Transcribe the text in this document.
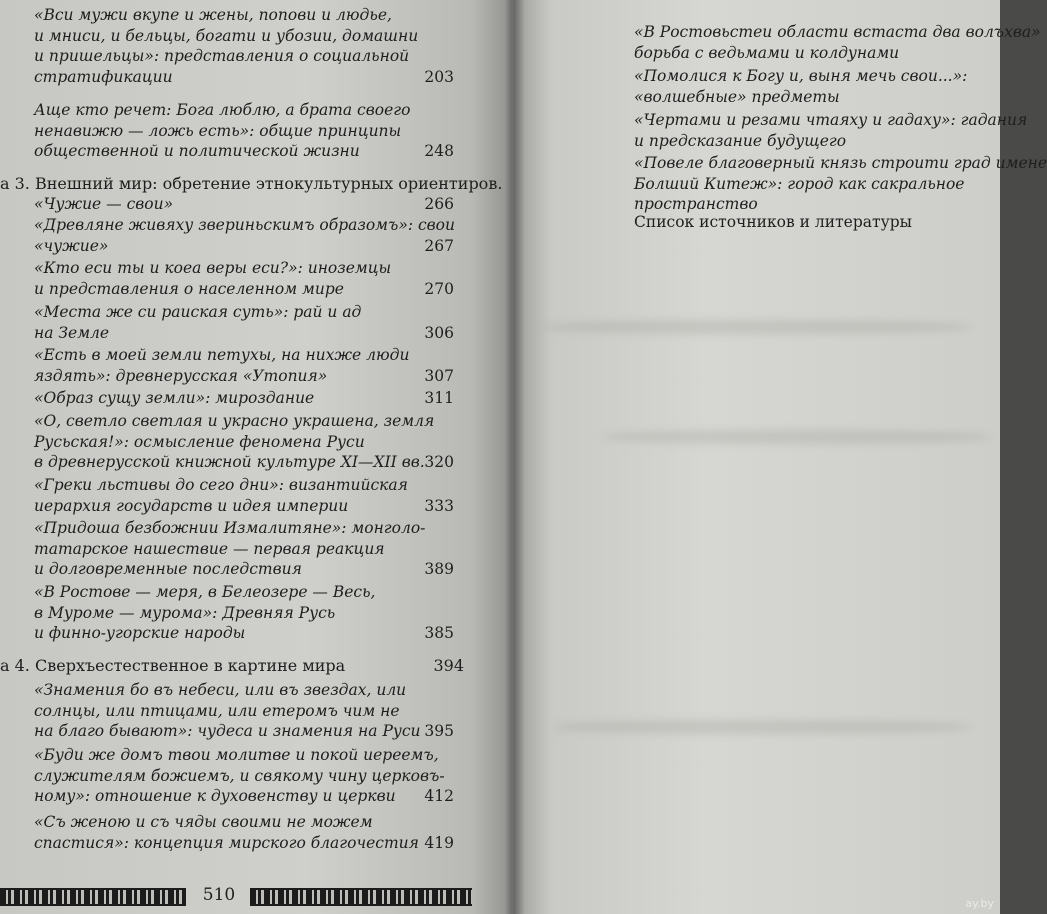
«Вси мужи вкупе и жены, попови и людье,
и мниси, и бельцы, богати и убозии, домашни
и пришельцы»: представления о социальной
стратификации	203
Аще кто речет: Бога люблю, а брата своего
ненавижю — ложь есть»: общие принципы
общественной и политической жизни	248
а 3. Внешний мир: обретение этнокультурных ориентиров.
«Чужие — свои»	266
«Древляне живяху звериньскимъ образомъ»: свои
«чужие»	267
«Кто еси ты и коеа веры еси?»: иноземцы
и представления о населенном мире	270
«Места же си раиская суть»: рай и ад
на Земле	306
«Есть в моей земли петухы, на нихже люди
яздять»: древнерусская «Утопия»	307
«Образ сущу земли»: мироздание	311
«О, светло светлая и украсно украшена, земля
Русьская!»: осмысление феномена Руси
в древнерусской книжной культуре XI—XII вв. 320
«Греки льстивы до сего дни»: византийская
иерархия государств и идея империи	333
«Придоша безбожнии Измалитяне»: монголо-
татарское нашествие — первая реакция
и долговременные последствия	389
«В Ростове — меря, в Белеозере — Весь,
в Муроме — мурома»: Древняя Русь
и финно-угорские народы	385
а 4. Сверхъестественное в картине мира	394
«Знамения бо въ небеси, или въ звездах, или
солнцы, или птицами, или етеромъ чим не
на благо бывают»: чудеса и знамения на Руси 395
«Буди же домъ твои молитве и покой иереемъ,
служителям божиемъ, и свякому чину церковъ-
ному»: отношение к духовенству и церкви	412
«Съ женою и съ чяды своими не можем
спастися»: концепция мирского благочестия 419
510
«В Ростовьстеи области встаста два волъхва»
борьба с ведьмами и колдунами
«Помолися к Богу и, выня мечь свои...»:
«волшебные» предметы
«Чертами и резами чтаяху и гадаху»: гадания
и предсказание будущего
«Повеле благоверный князь строити град имене
Болший Китеж»: город как сакральное
пространство
Список источников и литературы
ay.by
